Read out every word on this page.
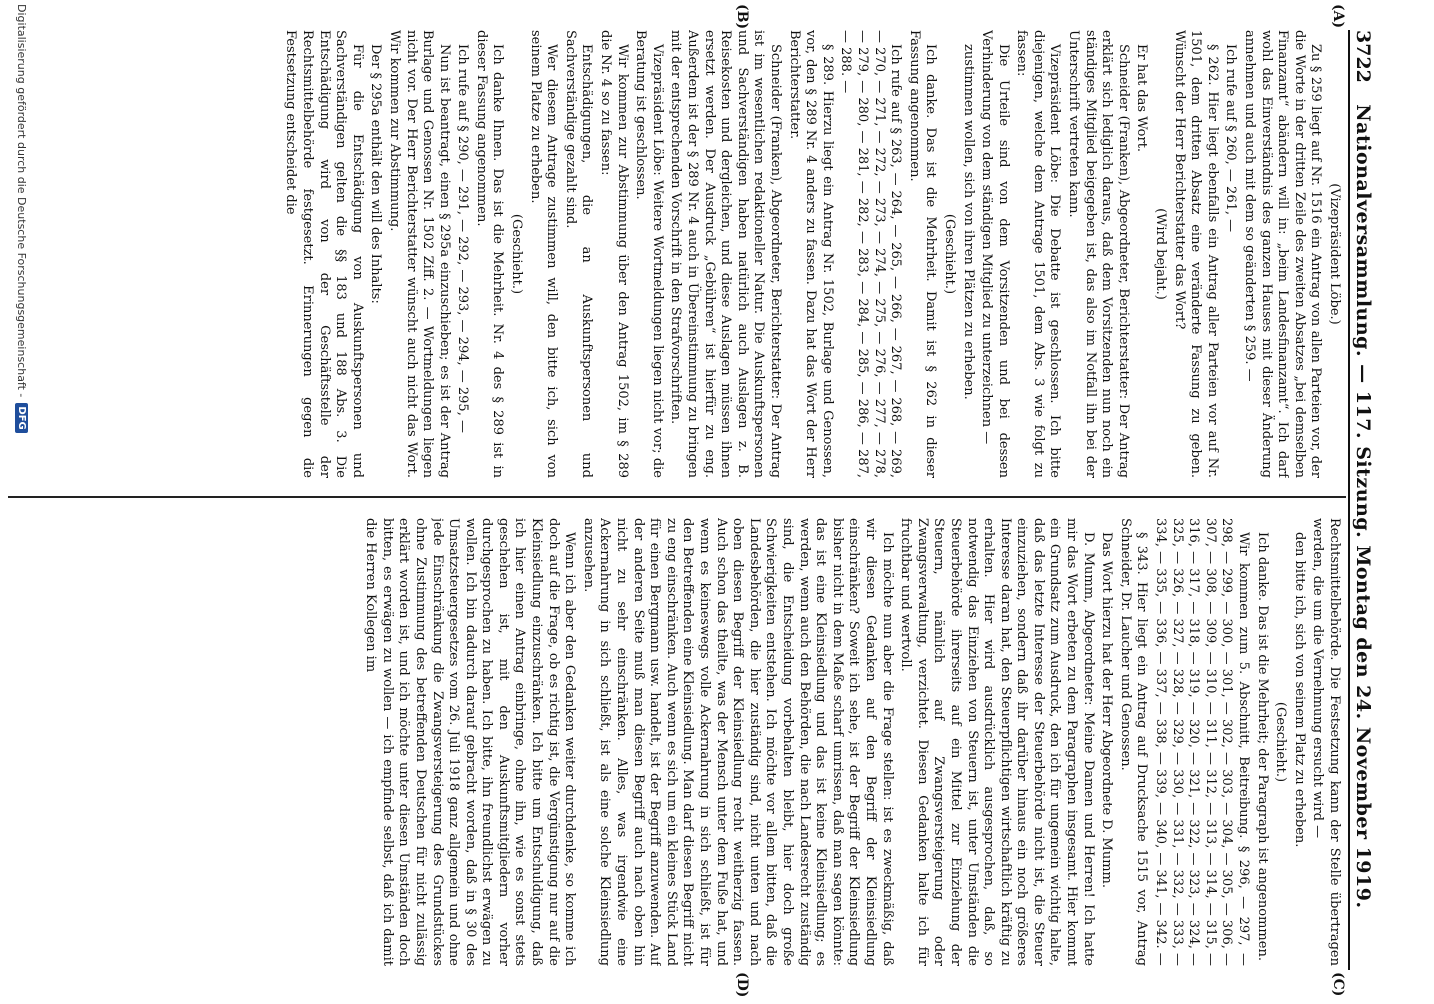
3722
Nationalversammlung. — 117. Sitzung. Montag den 24. November 1919.
(A)
(B)
(C)
(D)

(Vizepräsident Löbe.)

Zu § 259 liegt auf Nr. 1516 ein Antrag von allen Parteien vor, der die Worte in der dritten Zeile des zweiten Absatzes „bei demselben Finanzamt“ abändern will in: „beim Landesfinanzamt“. Ich darf wohl das Einverständnis des ganzen Hauses mit dieser Änderung annehmen und auch mit dem so geänderten § 259. —

Ich rufe auf § 260, — 261, —

§ 262. Hier liegt ebenfalls ein Antrag aller Parteien vor auf Nr. 1501, dem dritten Absatz eine veränderte Fassung zu geben. Wünscht der Herr Berichterstatter das Wort?

(Wird bejaht.)

Er hat das Wort.

Schneider (Franken), Abgeordneter, Berichterstatter: Der Antrag erklärt sich lediglich daraus, daß dem Vorsitzenden nun noch ein ständiges Mitglied beigegeben ist, das also im Notfall ihn bei der Unterschrift vertreten kann.

Vizepräsident Löbe: Die Debatte ist geschlossen. Ich bitte diejenigen, welche dem Antrage 1501, dem Abs. 3 wie folgt zu fassen:

Die Urteile sind von dem Vorsitzenden und bei dessen Verhinderung von dem ständigen Mitglied zu unterzeichnen —

zustimmen wollen, sich von ihren Plätzen zu erheben.

(Geschieht.)

Ich danke. Das ist die Mehrheit. Damit ist § 262 in dieser Fassung angenommen.

Ich rufe auf § 263, — 264, — 265, — 266, — 267, — 268, — 269, — 270, — 271, — 272, — 273, — 274, — 275, — 276, — 277, — 278, — 279, — 280, — 281, — 282, — 283, — 284, — 285, — 286, — 287, — 288. —

§ 289. Hierzu liegt ein Antrag Nr. 1502, Burlage und Genossen, vor, den § 289 Nr. 4 anders zu fassen. Dazu hat das Wort der Herr Berichterstatter.

Schneider (Franken), Abgeordneter, Berichterstatter: Der Antrag ist im wesentlichen redaktioneller Natur. Die Auskunftspersonen und Sachverständigen haben natürlich auch Auslagen z. B. Reisekosten und dergleichen, und diese Auslagen müssen ihnen ersetzt werden. Der Ausdruck „Gebühren“ ist hierfür zu eng. Außerdem ist der § 289 Nr. 4 auch in Übereinstimmung zu bringen mit der entsprechenden Vorschrift in den Strafvorschriften.

Vizepräsident Löbe: Weitere Wortmeldungen liegen nicht vor; die Beratung ist geschlossen.

Wir kommen zur Abstimmung über den Antrag 1502, im § 289 die Nr. 4 so zu fassen:

Entschädigungen, die an Auskunftspersonen und Sachverständige gezahlt sind.

Wer diesem Antrage zustimmen will, den bitte ich, sich von seinem Platze zu erheben.

(Geschieht.)

Ich danke Ihnen. Das ist die Mehrheit. Nr. 4 des § 289 ist in dieser Fassung angenommen.

Ich rufe auf § 290, — 291, — 292, — 293, — 294, — 295, —

Nun ist beantragt, einen § 295a einzuschieben; es ist der Antrag Burlage und Genossen Nr. 1502 Ziff. 2. — Wortmeldungen liegen nicht vor. Der Herr Berichterstatter wünscht auch nicht das Wort. Wir kommen zur Abstimmung.

Der § 295a enthält den will des Inhalts:

Für die Entschädigung von Auskunftspersonen und Sachverständigen gelten die §§ 183 und 188 Abs. 3. Die Entschädigung wird von der Geschäftsstelle der Rechtsmittelbehörde festgesetzt. Erinnerungen gegen die Festsetzung entscheidet die

Rechtsmittelbehörde. Die Festsetzung kann der Stelle übertragen werden, die um die Vernehmung ersucht wird —

den bitte ich, sich von seinem Platz zu erheben.

(Geschieht.)

Ich danke. Das ist die Mehrheit; der Paragraph ist angenommen.

Wir kommen zum 5. Abschnitt, Beitreibung. § 296, — 297, — 298, — 299, — 300, — 301, — 302, — 303, — 304, — 305, — 306, — 307, — 308, — 309, — 310, — 311, — 312, — 313, — 314, — 315, — 316, — 317, — 318, — 319, — 320, — 321, — 322, — 323, — 324, — 325, — 326, — 327, — 328, — 329, — 330, — 331, — 332, — 333, — 334, — 335, — 336, — 337, — 338, — 339, — 340, — 341, — 342. —

§ 343. Hier liegt ein Antrag auf Drucksache 1515 vor, Antrag Schneider, Dr. Laucher und Genossen.

Das Wort hierzu hat der Herr Abgeordnete D. Mumm.

D. Mumm, Abgeordneter: Meine Damen und Herren! Ich hatte mir das Wort erbeten zu dem Paragraphen insgesamt. Hier kommt ein Grundsatz zum Ausdruck, den ich für ungemein wichtig halte, daß das letzte Interesse der Steuerbehörde nicht ist, die Steuer einzuziehen, sondern daß ihr darüber hinaus ein noch größeres Interesse daran hat, den Steuerpflichtigen wirtschaftlich kräftig zu erhalten. Hier wird ausdrücklich ausgesprochen, daß, so notwendig das Einziehen von Steuern ist, unter Umständen die Steuerbehörde ihrerseits auf ein Mittel zur Einziehung der Steuern, nämlich auf Zwangsversteigerung oder Zwangsverwaltung, verzichtet. Diesen Gedanken halte ich für fruchtbar und wertvoll.

Ich möchte nun aber die Frage stellen: ist es zweckmäßig, daß wir diesen Gedanken auf den Begriff der Kleinsiedlung einschränken? Soweit ich sehe, ist der Begriff der Kleinsiedlung bisher nicht in dem Maße scharf umrissen, daß man sagen könnte: das ist eine Kleinsiedlung und das ist keine Kleinsiedlung; es werden, wenn auch den Behörden, die nach Landesrecht zuständig sind, die Entscheidung vorbehalten bleibt, hier doch große Schwierigkeiten entstehen. Ich möchte vor allem bitten, daß die Landesbehörden, die hier zuständig sind, nicht unten und nach oben diesen Begriff der Kleinsiedlung recht weitherzig fassen. Auch schon das theilte, was der Mensch unter dem Fuße hat, und wenn es keineswegs volle Ackernahrung in sich schließt, ist für den Betreffenden eine Kleinsiedlung. Man darf diesen Begriff nicht zu eng einschränken. Auch wenn es sich um ein kleines Stück Land für einen Bergmann usw. handelt, ist der Begriff anzuwenden. Auf der anderen Seite muß man diesen Begriff auch nach oben hin nicht zu sehr einschränken. Alles, was irgendwie eine Ackernahrung in sich schließt, ist als eine solche Kleinsiedlung anzusehen.

Wenn ich aber den Gedanken weiter durchdenke, so komme ich doch auf die Frage, ob es richtig ist, die Vergünstigung nur auf die Kleinsiedlung einzuschränken. Ich bitte um Entschuldigung, daß ich hier einen Antrag einbringe, ohne ihn, wie es sonst stets geschehen ist, mit den Auskunftsmitgliedern vorher durchgesprochen zu haben. Ich bitte, ihn freundlichst erwägen zu wollen. Ich bin dadurch darauf gebracht worden, daß in § 30 des Umsatzsteuergesetzes vom 26. Juli 1918 ganz allgemein und ohne jede Einschränkung die Zwangsversteigerung des Grundstückes ohne Zustimmung des betreffenden Deutschen für nicht zulässig erklärt worden ist, und ich möchte unter diesen Umständen doch bitten, es erwägen zu wollen — ich empfinde selbst, daß ich damit die Herren Kollegen im

Digitalisierung gefördert durch die Deutsche Forschungsgemeinschaft -
DFG
